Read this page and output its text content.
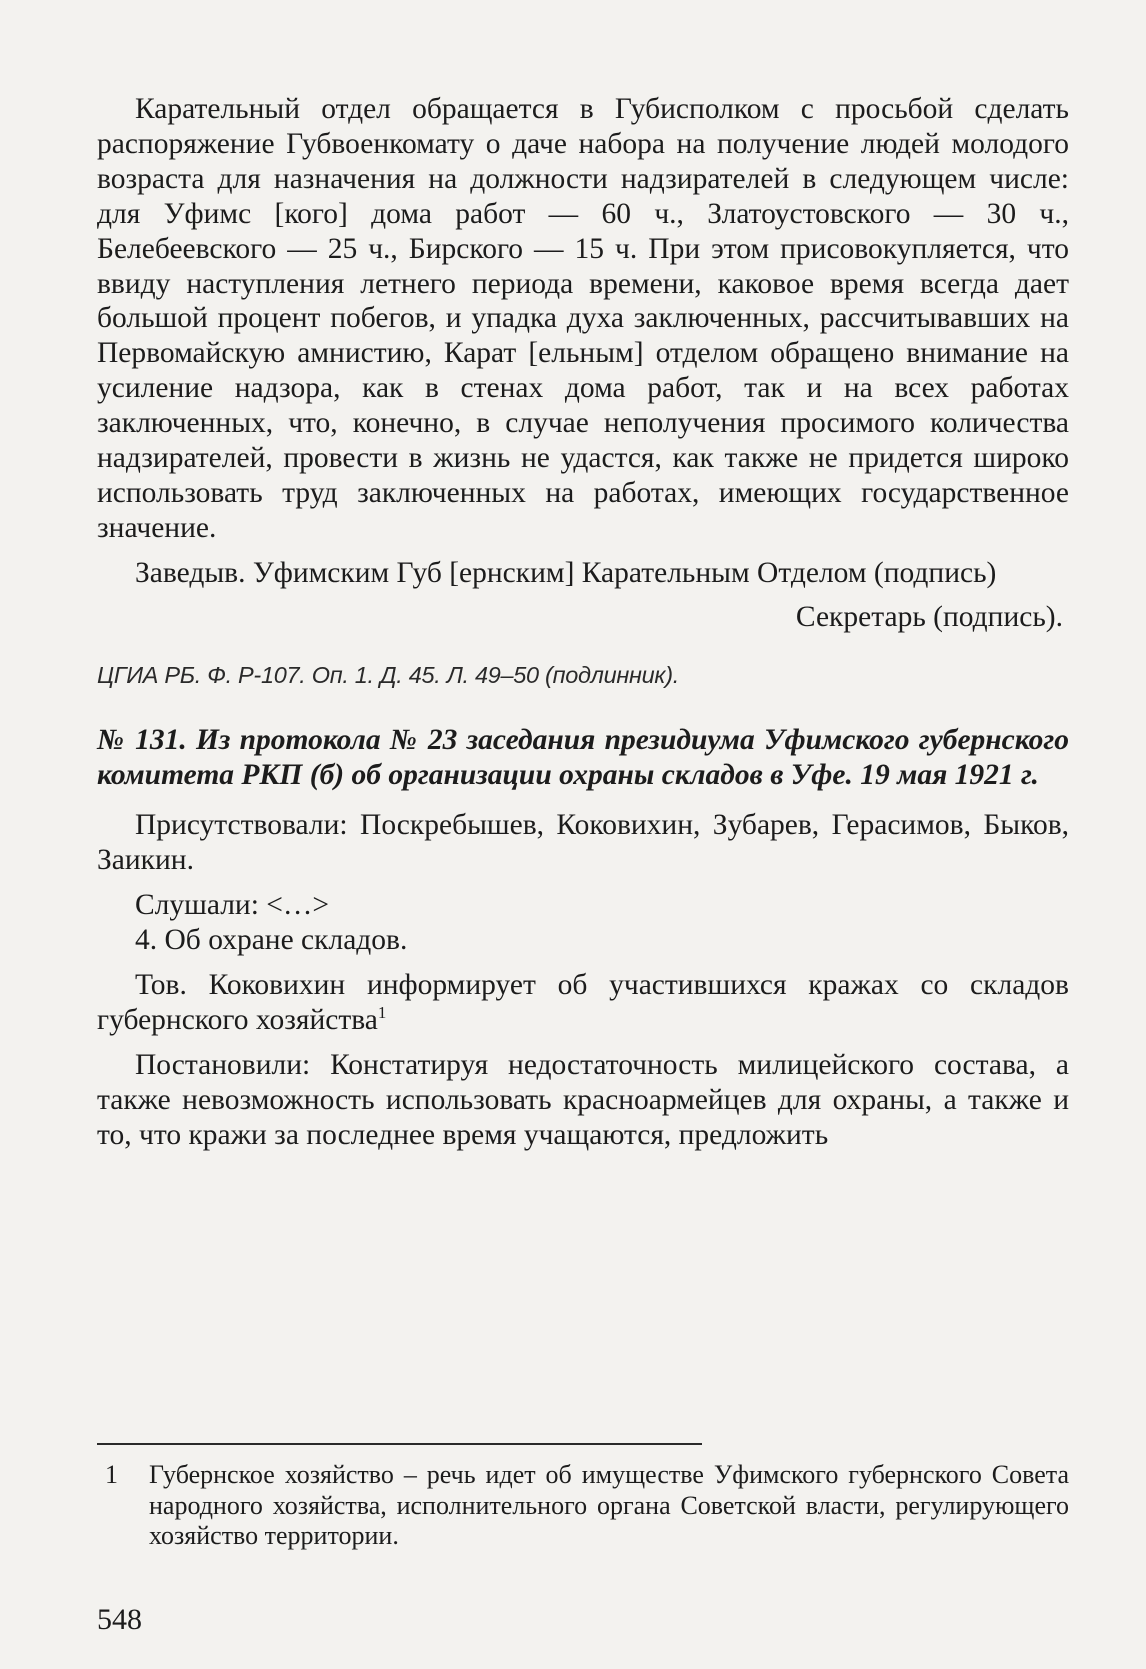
Карательный отдел обращается в Губисполком с просьбой сделать распоряжение Губвоенкомату о даче набора на получение людей молодого возраста для назначения на должности надзирателей в следующем числе: для Уфимс [кого] дома работ — 60 ч., Златоустовского — 30 ч., Белебеевского — 25 ч., Бирского — 15 ч. При этом присовокупляется, что ввиду наступления летнего периода времени, каковое время всегда дает большой процент побегов, и упадка духа заключенных, рассчитывавших на Первомайскую амнистию, Карат [ельным] отделом обращено внимание на усиление надзора, как в стенах дома работ, так и на всех работах заключенных, что, конечно, в случае неполучения просимого количества надзирателей, провести в жизнь не удастся, как также не придется широко использовать труд заключенных на работах, имеющих государственное значение.

Заведыв. Уфимским Губ [ернским] Карательным Отделом (подпись)

Секретарь (подпись).

ЦГИА РБ. Ф. Р-107. Оп. 1. Д. 45. Л. 49–50 (подлинник).

№ 131. Из протокола № 23 заседания президиума Уфимского губернского комитета РКП (б) об организации охраны складов в Уфе. 19 мая 1921 г.

Присутствовали: Поскребышев, Коковихин, Зубарев, Герасимов, Быков, Заикин.

Слушали: <…>

4. Об охране складов.

Тов. Коковихин информирует об участившихся кражах со складов губернского хозяйства$^1$

Постановили: Констатируя недостаточность милицейского состава, а также невозможность использовать красноармейцев для охраны, а также и то, что кражи за последнее время учащаются, предложить

1 Губернское хозяйство – речь идет об имуществе Уфимского губернского Совета народного хозяйства, исполнительного органа Советской власти, регулирующего хозяйство территории.
548
